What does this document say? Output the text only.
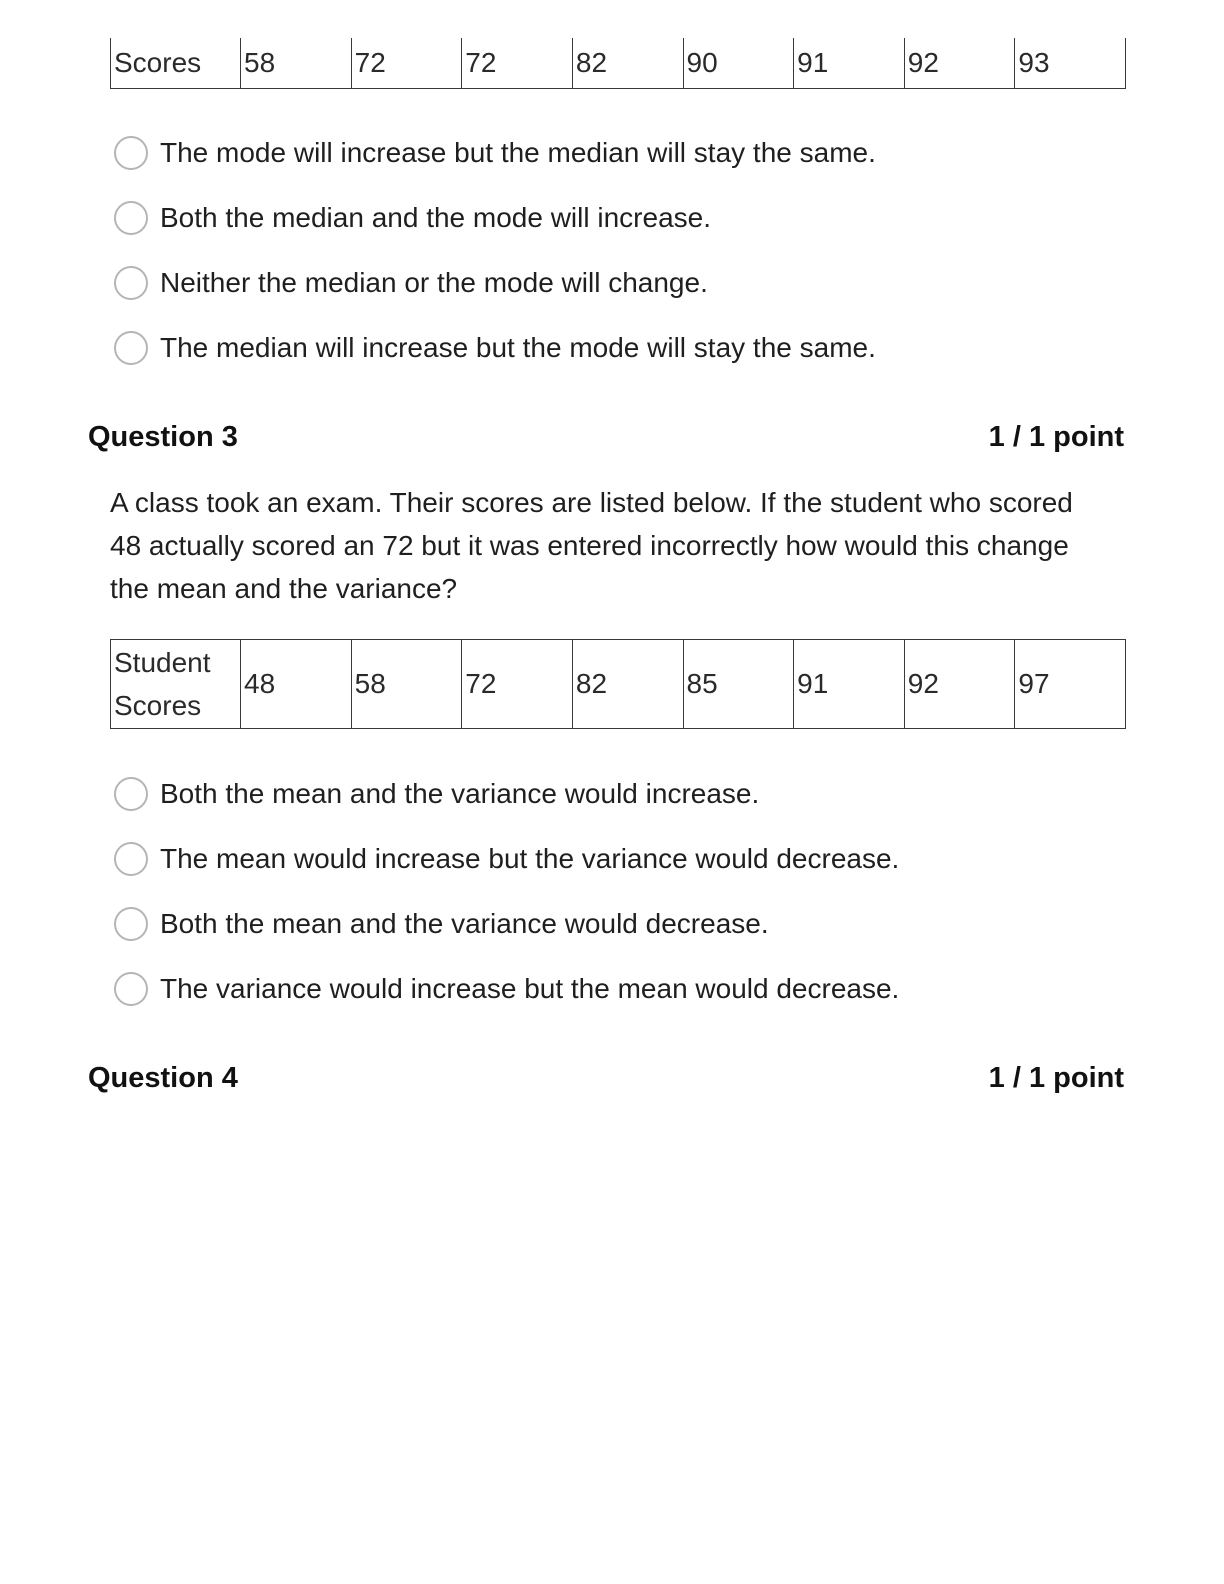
Scores	58	72	72	82	90	91	92	93
The mode will increase but the median will stay the same.
Both the median and the mode will increase.
Neither the median or the mode will change.
The median will increase but the mode will stay the same.
Question 3	1 / 1 point

A class took an exam. Their scores are listed below. If the student who scored 48 actually scored an 72 but it was entered incorrectly how would this change the mean and the variance?

Student
Scores
	48	58	72	82	85	91	92	97
Both the mean and the variance would increase.
The mean would increase but the variance would decrease.
Both the mean and the variance would decrease.
The variance would increase but the mean would decrease.
Question 4	1 / 1 point
